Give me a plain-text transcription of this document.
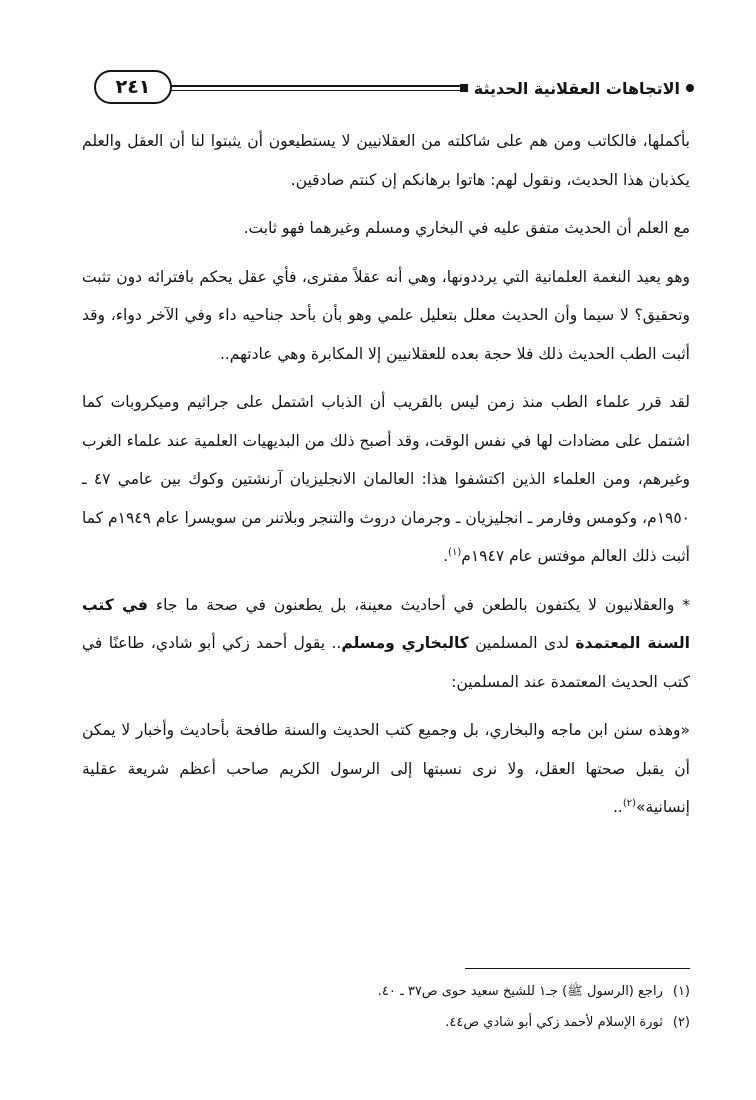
الاتجاهات العقلانية الحديثة
٢٤١

بأكملها، فالكاتب ومن هم على شاكلته من العقلانيين لا يستطيعون أن يثبتوا لنا أن العقل والعلم يكذبان هذا الحديث، ونقول لهم: هاتوا برهانكم إن كنتم صادقين.

مع العلم أن الحديث متفق عليه في البخاري ومسلم وغيرهما فهو ثابت.

وهو يعيد النغمة العلمانية التي يرددونها، وهي أنه عقلاً مفترى، فأي عقل يحكم بافترائه دون تثبت وتحقيق؟ لا سيما وأن الحديث معلل بتعليل علمي وهو بأن بأحد جناحيه داء وفي الآخر دواء، وقد أثبت الطب الحديث ذلك فلا حجة بعده للعقلانيين إلا المكابرة وهي عادتهم..

لقد قرر علماء الطب منذ زمن ليس بالقريب أن الذباب اشتمل على جراثيم وميكروبات كما اشتمل على مضادات لها في نفس الوقت، وقد أصبح ذلك من البديهيات العلمية عند علماء الغرب وغيرهم، ومن العلماء الذين اكتشفوا هذا: العالمان الانجليزيان آرنشتين وكوك بين عامي ٤٧ ـ ١٩٥٠م، وكومس وفارمر ـ انجليزيان ـ وجرمان دروث والتنجر وبلاتنر من سويسرا عام ١٩٤٩م كما أثبت ذلك العالم موفتس عام ١٩٤٧م$^{(١)}$.

* والعقلانيون لا يكتفون بالطعن في أحاديث معينة، بل يطعنون في صحة ما جاء في كتب السنة المعتمدة لدى المسلمين كالبخاري ومسلم.. يقول أحمد زكي أبو شادي، طاعنًا في كتب الحديث المعتمدة عند المسلمين:

«وهذه سنن ابن ماجه والبخاري، بل وجميع كتب الحديث والسنة طافحة بأحاديث وأخبار لا يمكن أن يقبل صحتها العقل، ولا نرى نسبتها إلى الرسول الكريم صاحب أعظم شريعة عقلية إنسانية»$^{(٢)}$..

(١)
راجع (الرسول ﷺ) جـ١ للشيخ سعيد حوى ص٣٧ ـ ٤٠.
(٢)
ثورة الإسلام لأحمد زكي أبو شادي ص٤٤.
